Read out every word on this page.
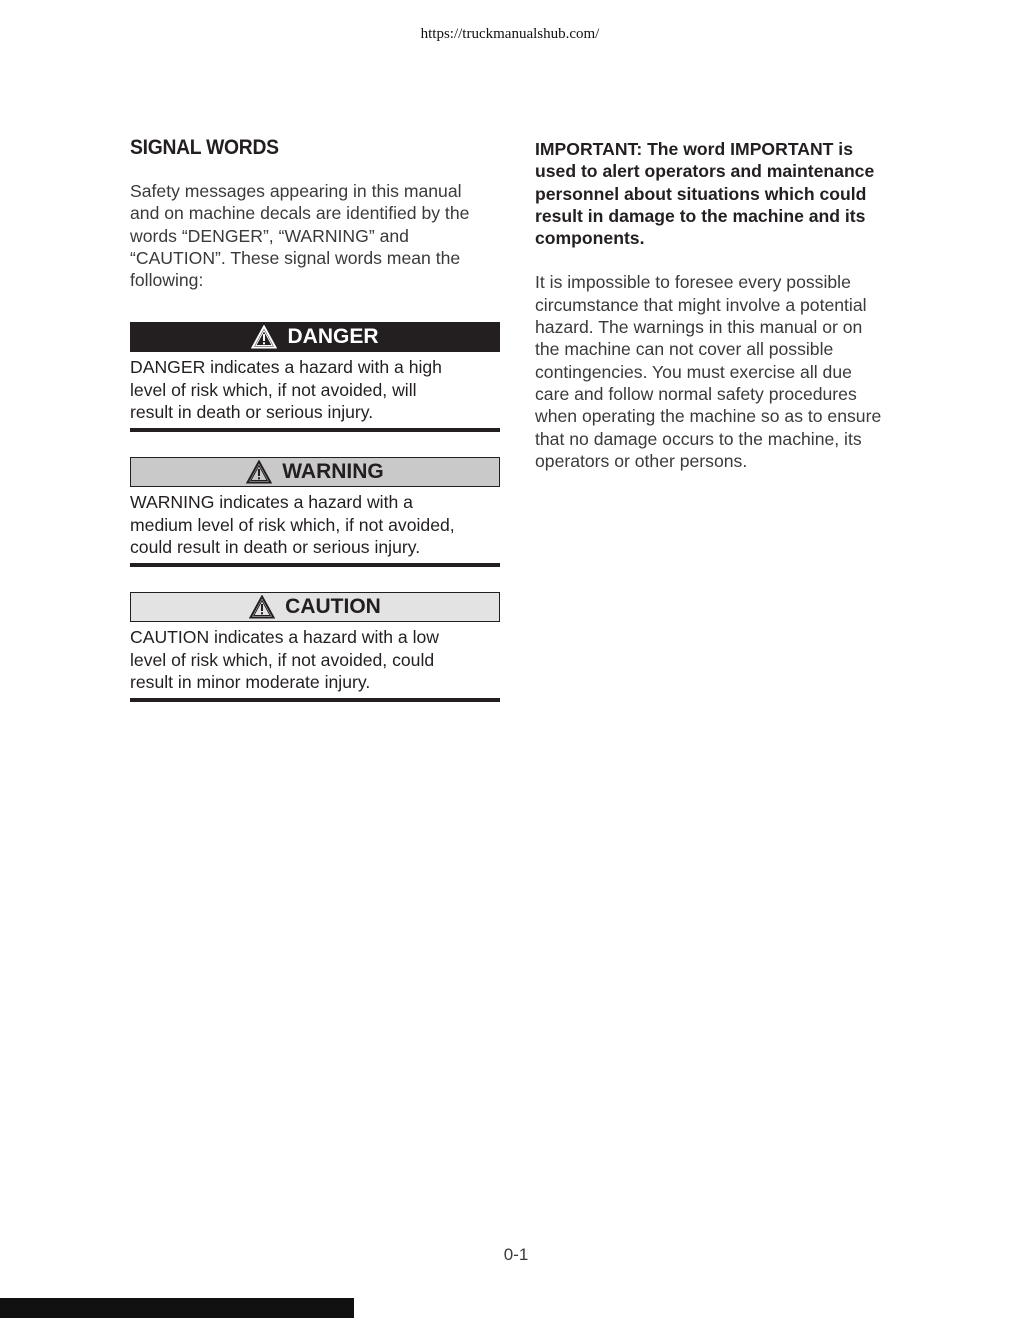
https://truckmanualshub.com/
SIGNAL WORDS

Safety messages appearing in this manual
and on machine decals are identified by the
words “DENGER”, “WARNING” and
“CAUTION”. These signal words mean the
following:

DANGER

DANGER indicates a hazard with a high
level of risk which, if not avoided, will
result in death or serious injury.

WARNING

WARNING indicates a hazard with a
medium level of risk which, if not avoided,
could result in death or serious injury.

CAUTION

CAUTION indicates a hazard with a low
level of risk which, if not avoided, could
result in minor moderate injury.

IMPORTANT: The word IMPORTANT is
used to alert operators and maintenance
personnel about situations which could
result in damage to the machine and its
components.

It is impossible to foresee every possible
circumstance that might involve a potential
hazard. The warnings in this manual or on
the machine can not cover all possible
contingencies. You must exercise all due
care and follow normal safety procedures
when operating the machine so as to ensure
that no damage occurs to the machine, its
operators or other persons.

0-1
